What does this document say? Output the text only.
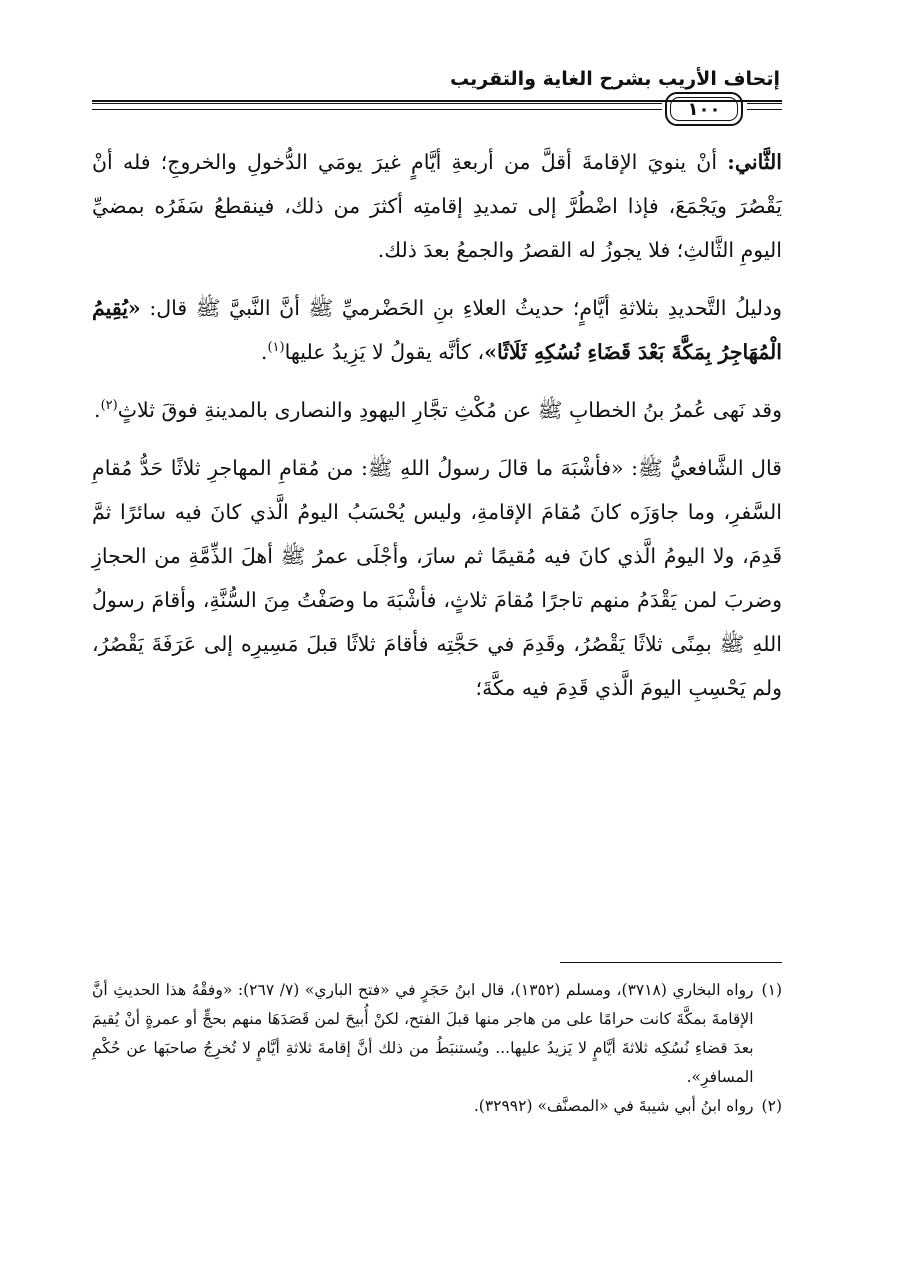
إتحاف الأريب بشرح الغاية والتقريب
١٠٠

الثَّاني: أنْ ينويَ الإقامةَ أقلَّ من أربعةِ أيَّامٍ غيرَ يومَي الدُّخولِ والخروجِ؛ فله أنْ يَقْصُرَ ويَجْمَعَ، فإذا اضْطُرَّ إلى تمديدِ إقامتِه أكثرَ من ذلك، فينقطعُ سَفَرُه بمضيِّ اليومِ الثَّالثِ؛ فلا يجوزُ له القصرُ والجمعُ بعدَ ذلك.

ودليلُ التَّحديدِ بثلاثةِ أيَّامٍ؛ حديثُ العلاءِ بنِ الحَضْرميِّ ﷺ أنَّ النَّبيَّ ﷺ قال: «يُقِيمُ الْمُهَاجِرُ بِمَكَّةَ بَعْدَ قَضَاءِ نُسُكِهِ ثَلَاثًا»، كأنَّه يقولُ لا يَزِيدُ عليها$^{(١)}$.

وقد نَهى عُمرُ بنُ الخطابِ ﷺ عن مُكْثِ تجَّارِ اليهودِ والنصارى بالمدينةِ فوقَ ثلاثٍ$^{(٢)}$.

قال الشَّافعيُّ ﷺ: «فأشْبَهَ ما قالَ رسولُ اللهِ ﷺ: من مُقامِ المهاجرِ ثلاثًا حَدُّ مُقامِ السَّفرِ، وما جاوَزَه كانَ مُقامَ الإقامةِ، وليس يُحْسَبُ اليومُ الَّذي كانَ فيه سائرًا ثمَّ قَدِمَ، ولا اليومُ الَّذي كانَ فيه مُقيمًا ثم سارَ، وأجْلَى عمرُ ﷺ أهلَ الذِّمَّةِ من الحجازِ وضربَ لمن يَقْدَمُ منهم تاجرًا مُقامَ ثلاثٍ، فأشْبَهَ ما وصَفْتُ مِنَ السُّنَّةِ، وأقامَ رسولُ اللهِ ﷺ بمِنًى ثلاثًا يَقْصُرُ، وقَدِمَ في حَجَّتِه فأقامَ ثلاثًا قبلَ مَسِيرِه إلى عَرَفَةَ يَقْصُرُ، ولم يَحْسِبِ اليومَ الَّذي قَدِمَ فيه مكَّةَ؛

(١)
رواه البخاري (٣٧١٨)، ومسلم (١٣٥٢)، قال ابنُ حَجَرٍ في «فتح الباري» (٧/ ٢٦٧): «وفقْهُ هذا الحديثِ أنَّ الإقامةَ بمكَّةَ كانت حرامًا على من هاجر منها قبلَ الفتح، لكنْ أُبيحَ لمن قَصَدَهَا منهم بحجٍّ أو عمرةٍ أنْ يُقيمَ بعدَ قضاءِ نُسُكِه ثلاثةَ أيَّامٍ لا يَزيدُ عليها... ويُستنبَطُ من ذلك أنَّ إقامةَ ثلاثةِ أيَّامٍ لا تُخرِجُ صاحبَها عن حُكْمِ المسافرِ».
(٢)
رواه ابنُ أبي شيبةَ في «المصنَّف» (٣٢٩٩٢).
